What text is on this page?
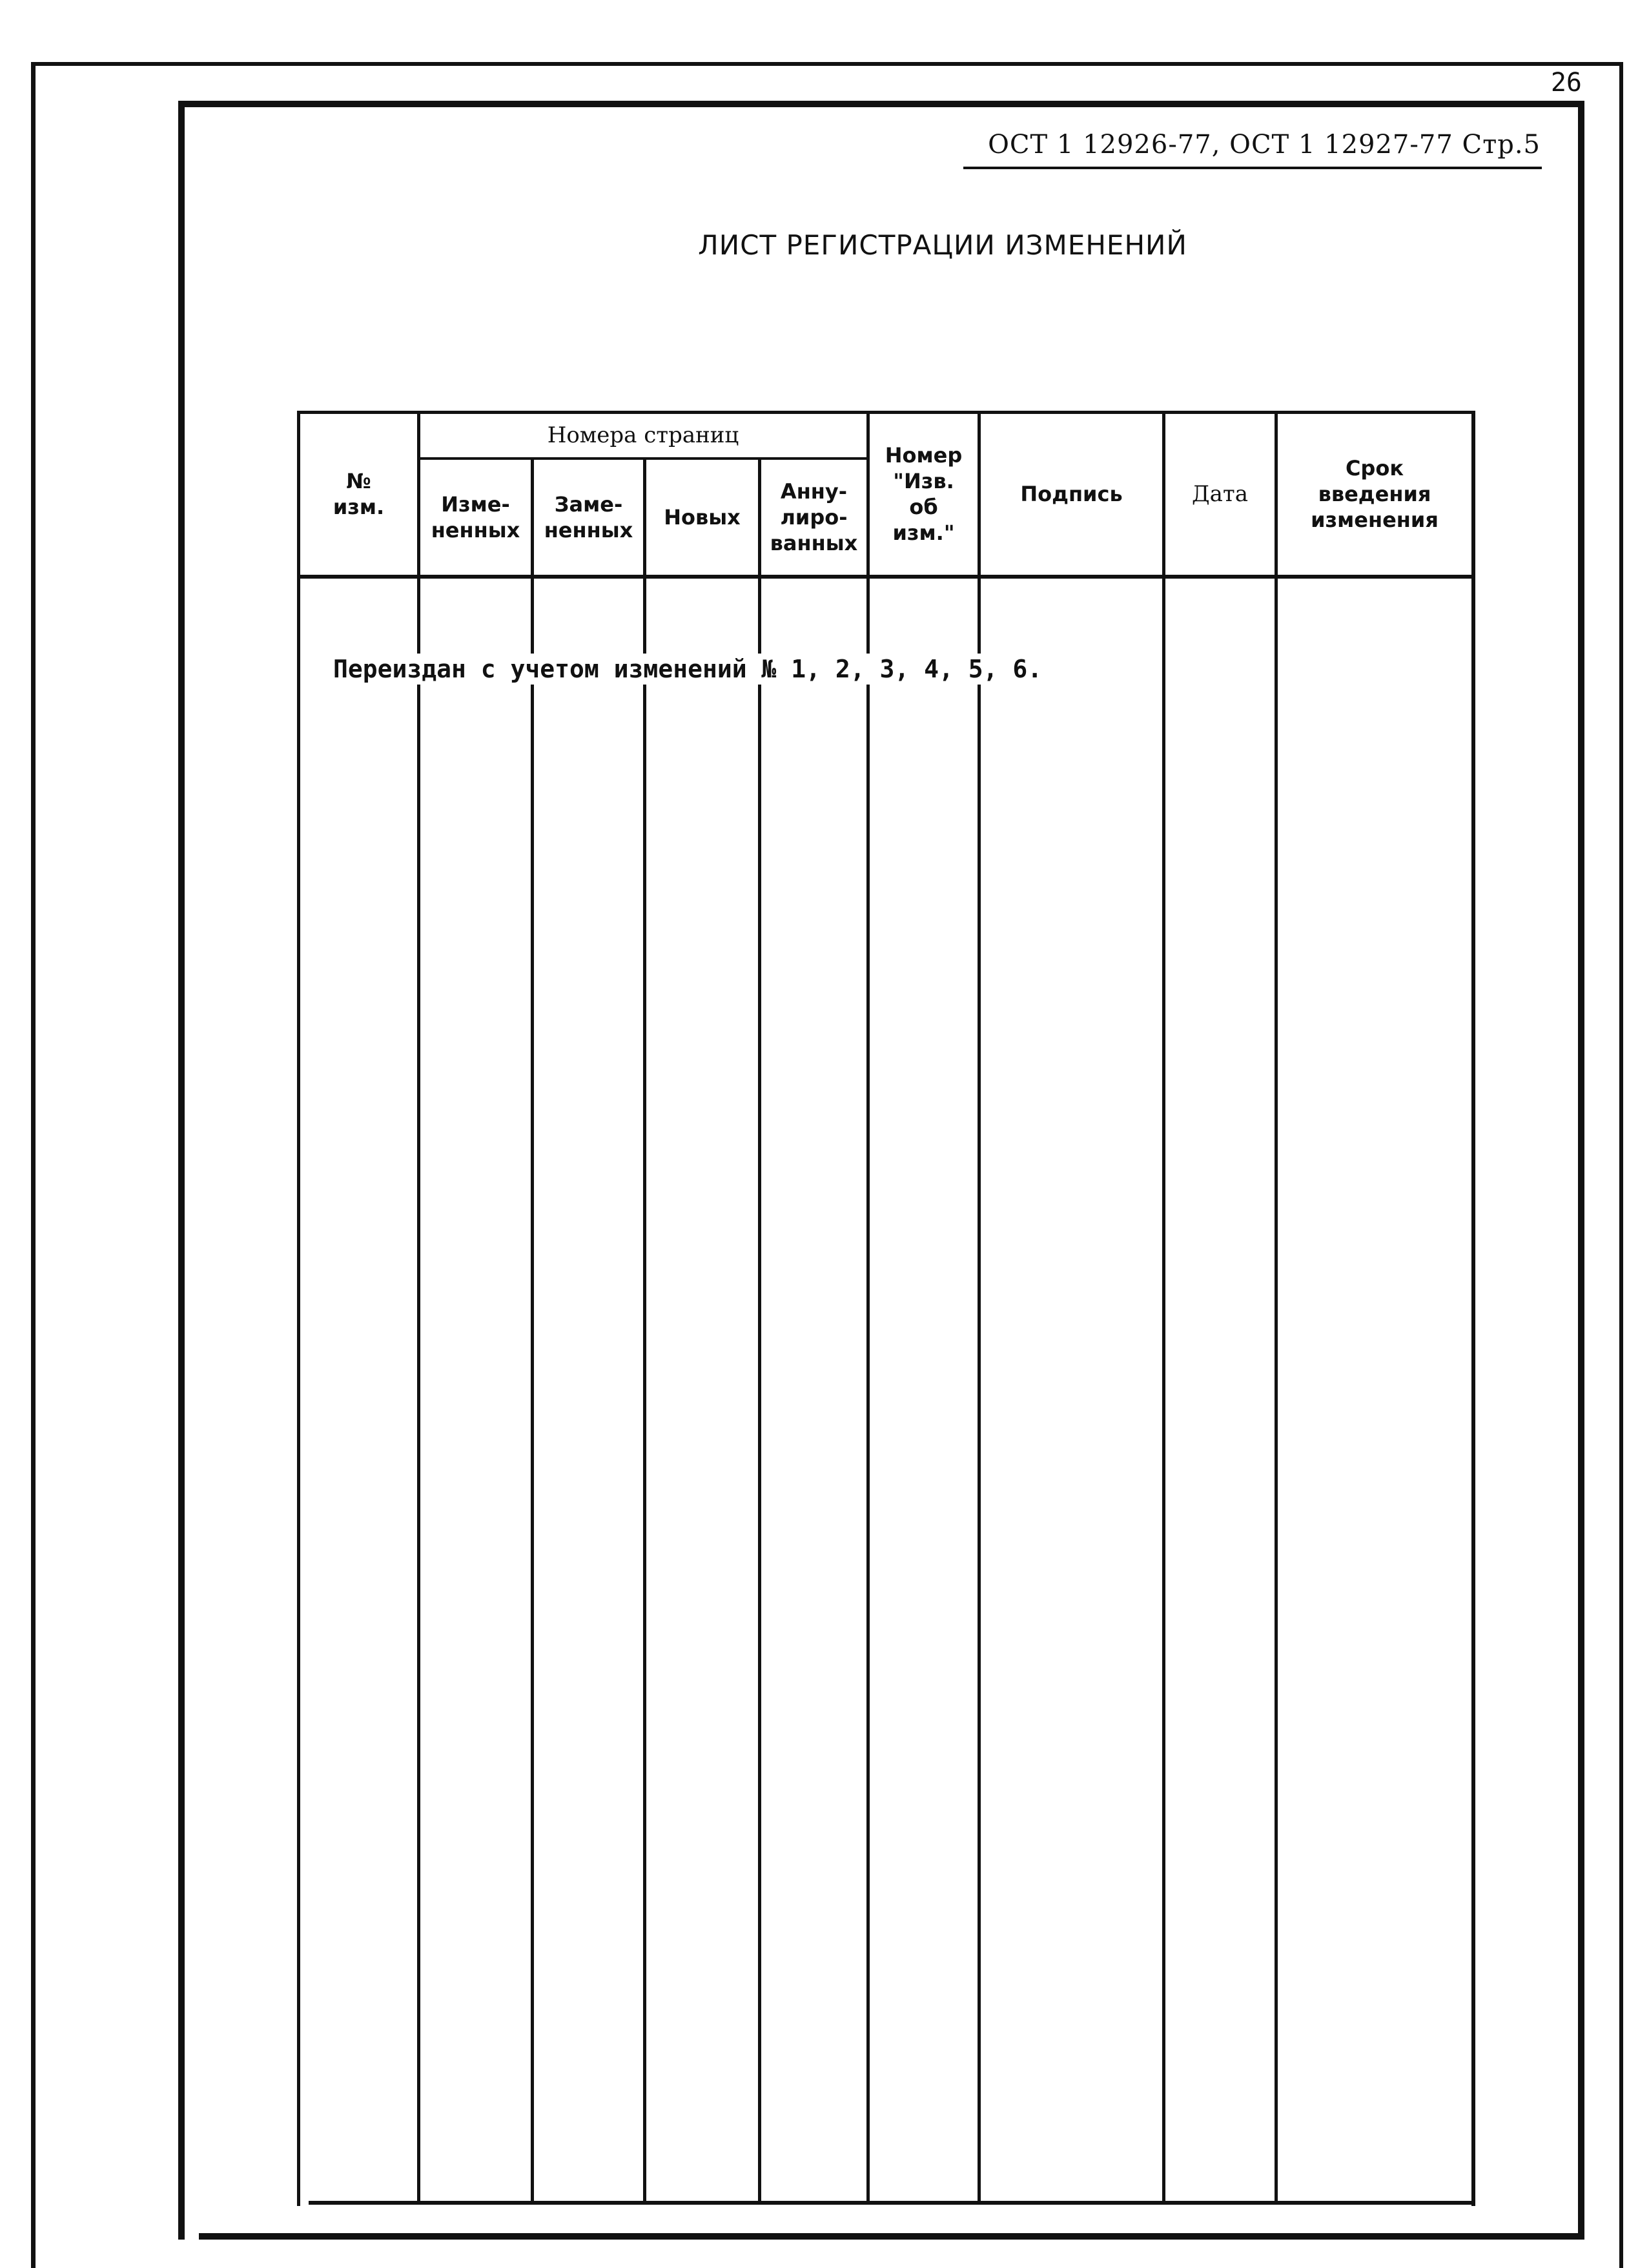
26
ОСТ 1 12926-77, ОСТ 1 12927-77 Стр.5
ЛИСТ РЕГИСТРАЦИИ ИЗМЕНЕНИЙ
Номера страниц
№
изм.	Изме-
ненных
Заме-
ненных
Новых
Анну-
лиро-
ванных
Номер
"Изв.
об
изм."
Подпись	Дата
Срок
введения
изменения
Переиздан с учетом изменений № 1, 2, 3, 4, 5, 6.
